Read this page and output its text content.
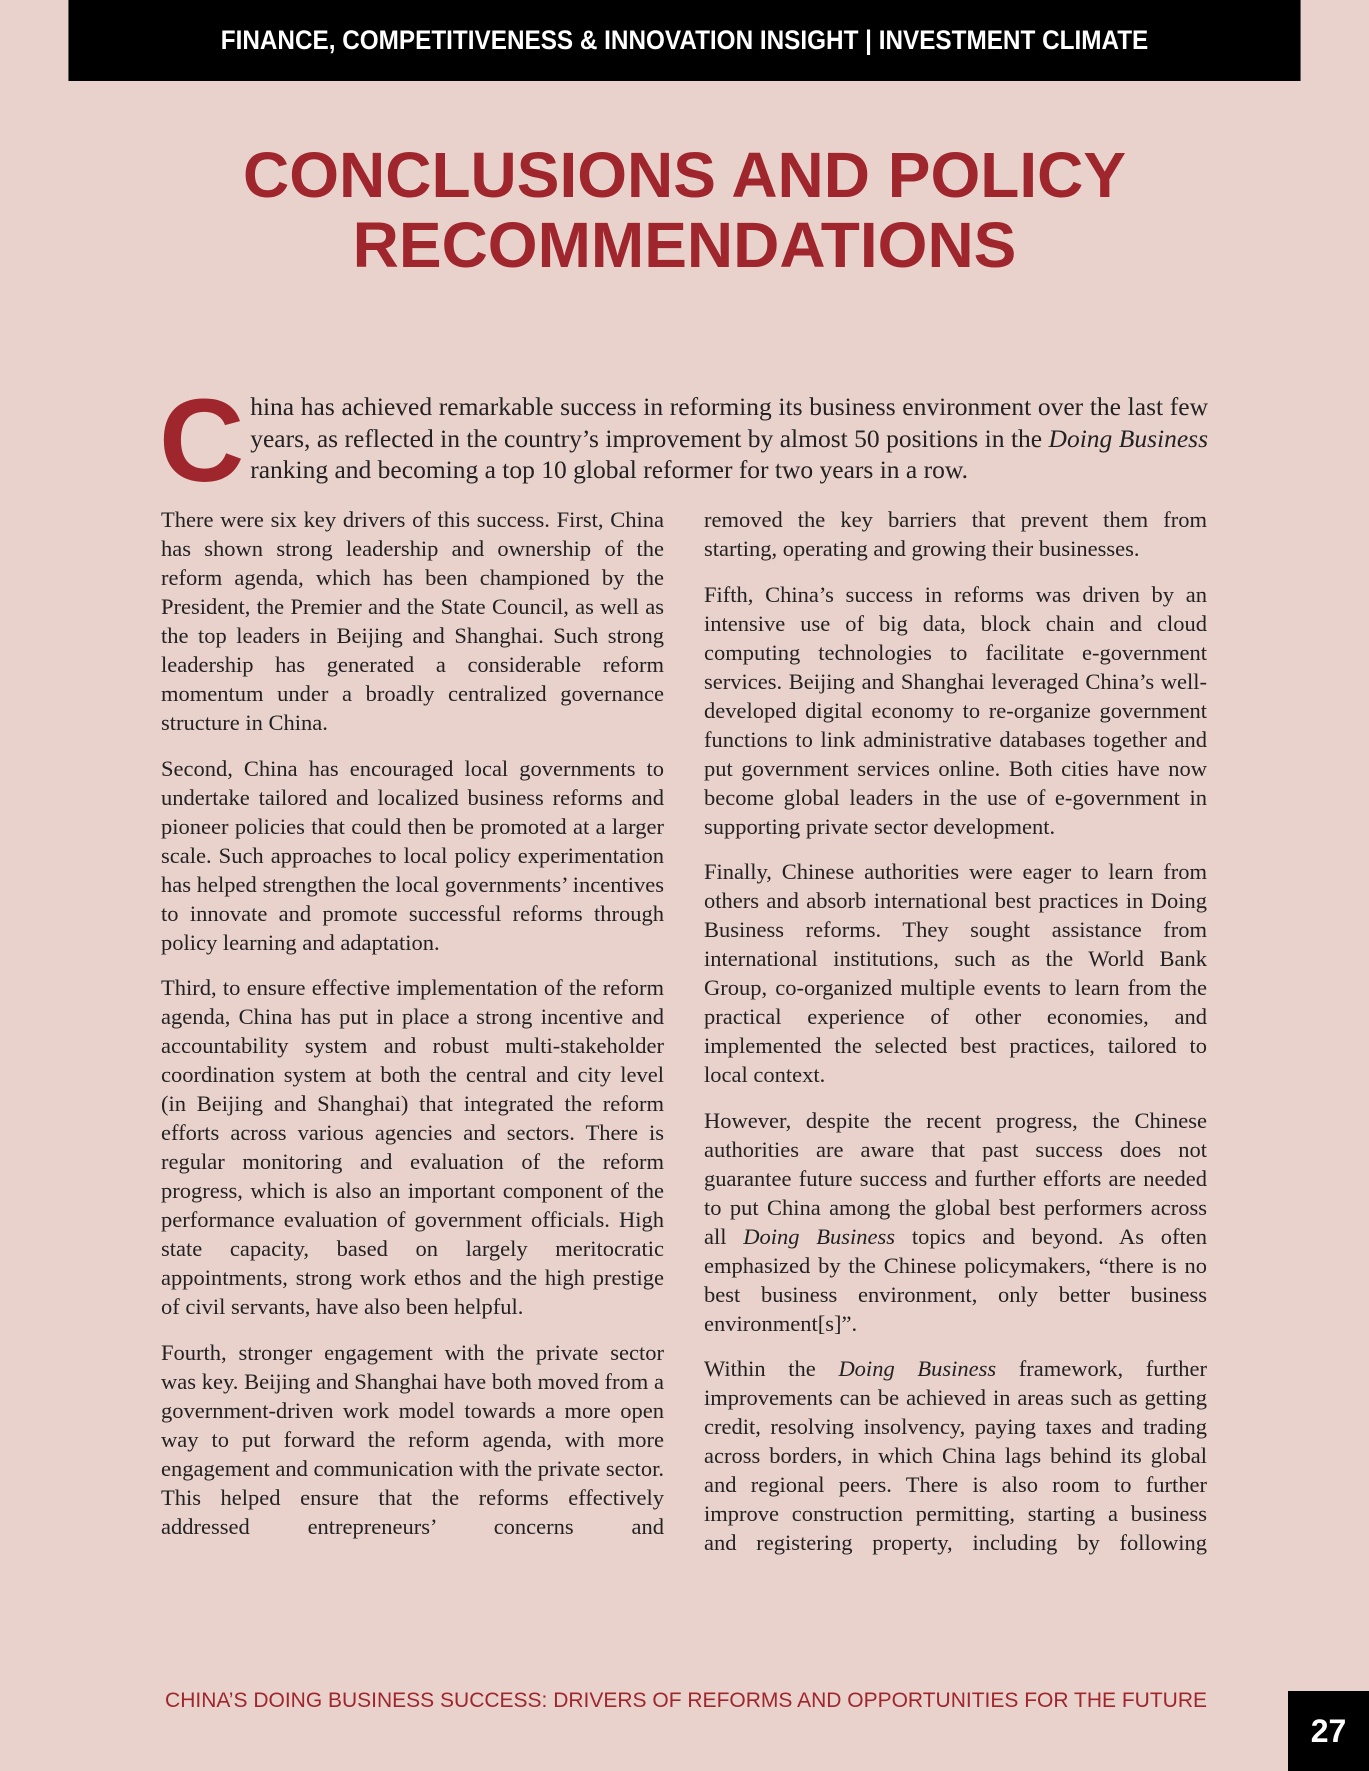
FINANCE, COMPETITIVENESS & INNOVATION INSIGHT | INVESTMENT CLIMATE
CONCLUSIONS AND POLICY
RECOMMENDATIONS
China has achieved remarkable success in reforming its business environment over the last few years, as reflected in the country’s improvement by almost 50 positions in the Doing Business ranking and becoming a top 10 global reformer for two years in a row.

There were six key drivers of this success. First, China has shown strong leadership and ownership of the reform agenda, which has been championed by the President, the Premier and the State Council, as well as the top leaders in Beijing and Shanghai. Such strong leadership has generated a considerable reform momentum under a broadly centralized governance structure in China.

Second, China has encouraged local governments to undertake tailored and localized business reforms and pioneer policies that could then be promoted at a larger scale. Such approaches to local policy experimentation has helped strengthen the local governments’ incentives to innovate and promote successful reforms through policy learning and adaptation.

Third, to ensure effective implementation of the reform agenda, China has put in place a strong incentive and accountability system and robust multi-stakeholder coordination system at both the central and city level (in Beijing and Shanghai) that integrated the reform efforts across various agencies and sectors. There is regular monitoring and evaluation of the reform progress, which is also an important component of the performance evaluation of government officials. High state capacity, based on largely meritocratic appointments, strong work ethos and the high prestige of civil servants, have also been helpful.

Fourth, stronger engagement with the private sector was key. Beijing and Shanghai have both moved from a government-driven work model towards a more open way to put forward the reform agenda, with more engagement and communication with the private sector. This helped ensure that the reforms effectively addressed entrepreneurs’ concerns and

removed the key barriers that prevent them from starting, operating and growing their businesses.

Fifth, China’s success in reforms was driven by an intensive use of big data, block chain and cloud computing technologies to facilitate e-government services. Beijing and Shanghai leveraged China’s well-developed digital economy to re-organize government functions to link administrative databases together and put government services online. Both cities have now become global leaders in the use of e-government in supporting private sector development.

Finally, Chinese authorities were eager to learn from others and absorb international best practices in Doing Business reforms. They sought assistance from international institutions, such as the World Bank Group, co-organized multiple events to learn from the practical experience of other economies, and implemented the selected best practices, tailored to local context.

However, despite the recent progress, the Chinese authorities are aware that past success does not guarantee future success and further efforts are needed to put China among the global best performers across all Doing Business topics and beyond. As often emphasized by the Chinese policymakers, “there is no best business environment, only better business environment[s]”.

Within the Doing Business framework, further improvements can be achieved in areas such as getting credit, resolving insolvency, paying taxes and trading across borders, in which China lags behind its global and regional peers. There is also room to further improve construction permitting, starting a business and registering property, including by following

CHINA’S DOING BUSINESS SUCCESS: DRIVERS OF REFORMS AND OPPORTUNITIES FOR THE FUTURE
27
